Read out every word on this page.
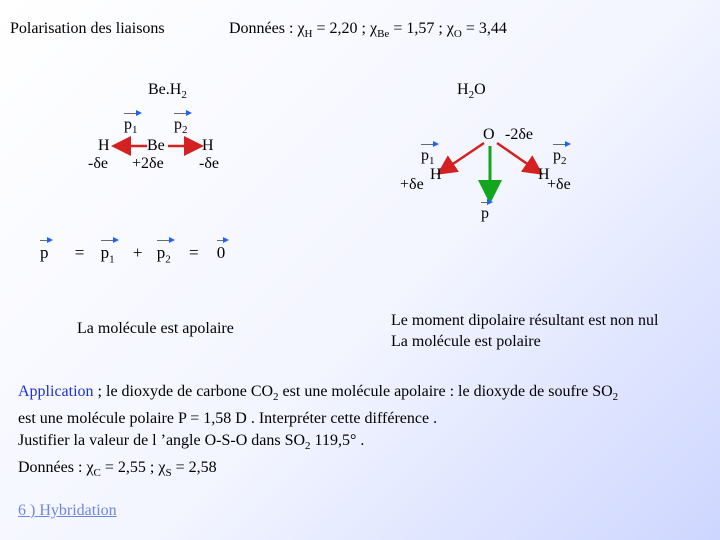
Polarisation des liaisons	Données : $\chi_H = 2,20$ ; $\chi_{Be} = 1,57$ ; $\chi_O = 3,44$
$Be.H_2$
$p_1$ $p_2$
H Be H
-δe +2δe -δe
$p = p_1 + p_2 = 0$
La molécule est apolaire
$H_2O$
O -2δe
$p_1$	$p_2$
H
+δe
H
+δe
p
Le moment dipolaire résultant est non nul
La molécule est polaire
Application ; le dioxyde de carbone $CO_2$ est une molécule apolaire : le dioxyde de soufre $SO_2$
est une molécule polaire P = 1,58 D . Interpréter cette différence .
Justifier la valeur de l ’angle O-S-O dans $SO_2$ 119,5° .
Données : $\chi_C = 2,55$ ; $\chi_S = 2,58$
6 ) Hybridation
